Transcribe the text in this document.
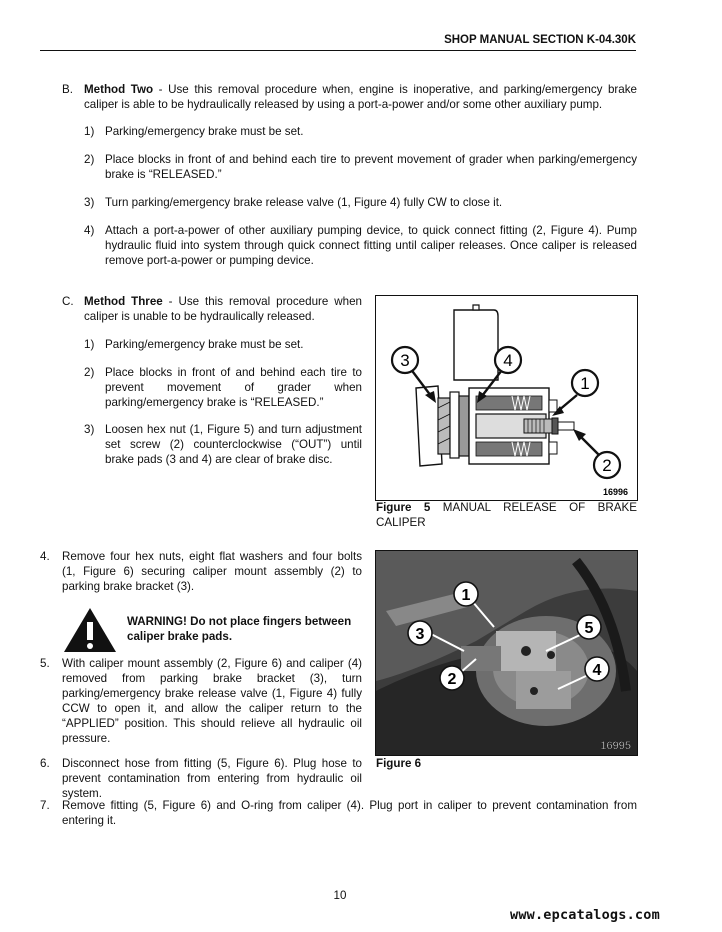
SHOP MANUAL SECTION K-04.30K
B. Method Two - Use this removal procedure when, engine is inoperative, and parking/emergency brake caliper is able to be hydraulically released by using a port-a-power and/or some other auxiliary pump.
1) Parking/emergency brake must be set.
2) Place blocks in front of and behind each tire to prevent movement of grader when parking/emergency brake is “RELEASED.”
3) Turn parking/emergency brake release valve (1, Figure 4) fully CW to close it.
4) Attach a port-a-power of other auxiliary pumping device, to quick connect fitting (2, Figure 4). Pump hydraulic fluid into system through quick connect fitting until caliper releases. Once caliper is released remove port-a-power or pumping device.
C. Method Three - Use this removal procedure when caliper is unable to be hydraulically released.
1) Parking/emergency brake must be set.
2) Place blocks in front of and behind each tire to prevent movement of grader when parking/emergency brake is “RELEASED.”
3) Loosen hex nut (1, Figure 5) and turn adjustment set screw (2) counterclockwise (“OUT”) until brake pads (3 and 4) are clear of brake disc.
1
2
3	4
16996
Figure 5 MANUAL RELEASE OF BRAKE CALIPER
4. Remove four hex nuts, eight flat washers and four bolts (1, Figure 6) securing caliper mount assembly (2) to parking brake bracket (3).
WARNING! Do not place fingers between caliper brake pads.
5. With caliper mount assembly (2, Figure 6) and caliper (4) removed from parking brake bracket (3), turn parking/emergency brake release valve (1, Figure 4) fully CCW to open it, and allow the caliper return to the “APPLIED” position. This should relieve all hydraulic oil pressure.
6. Disconnect hose from fitting (5, Figure 6). Plug hose to prevent contamination from entering from hydraulic oil system.
1
2
3
4
5
16995
Figure 6
7. Remove fitting (5, Figure 6) and O-ring from caliper (4). Plug port in caliper to prevent contamination from entering it.
10
www.epcatalogs.com
